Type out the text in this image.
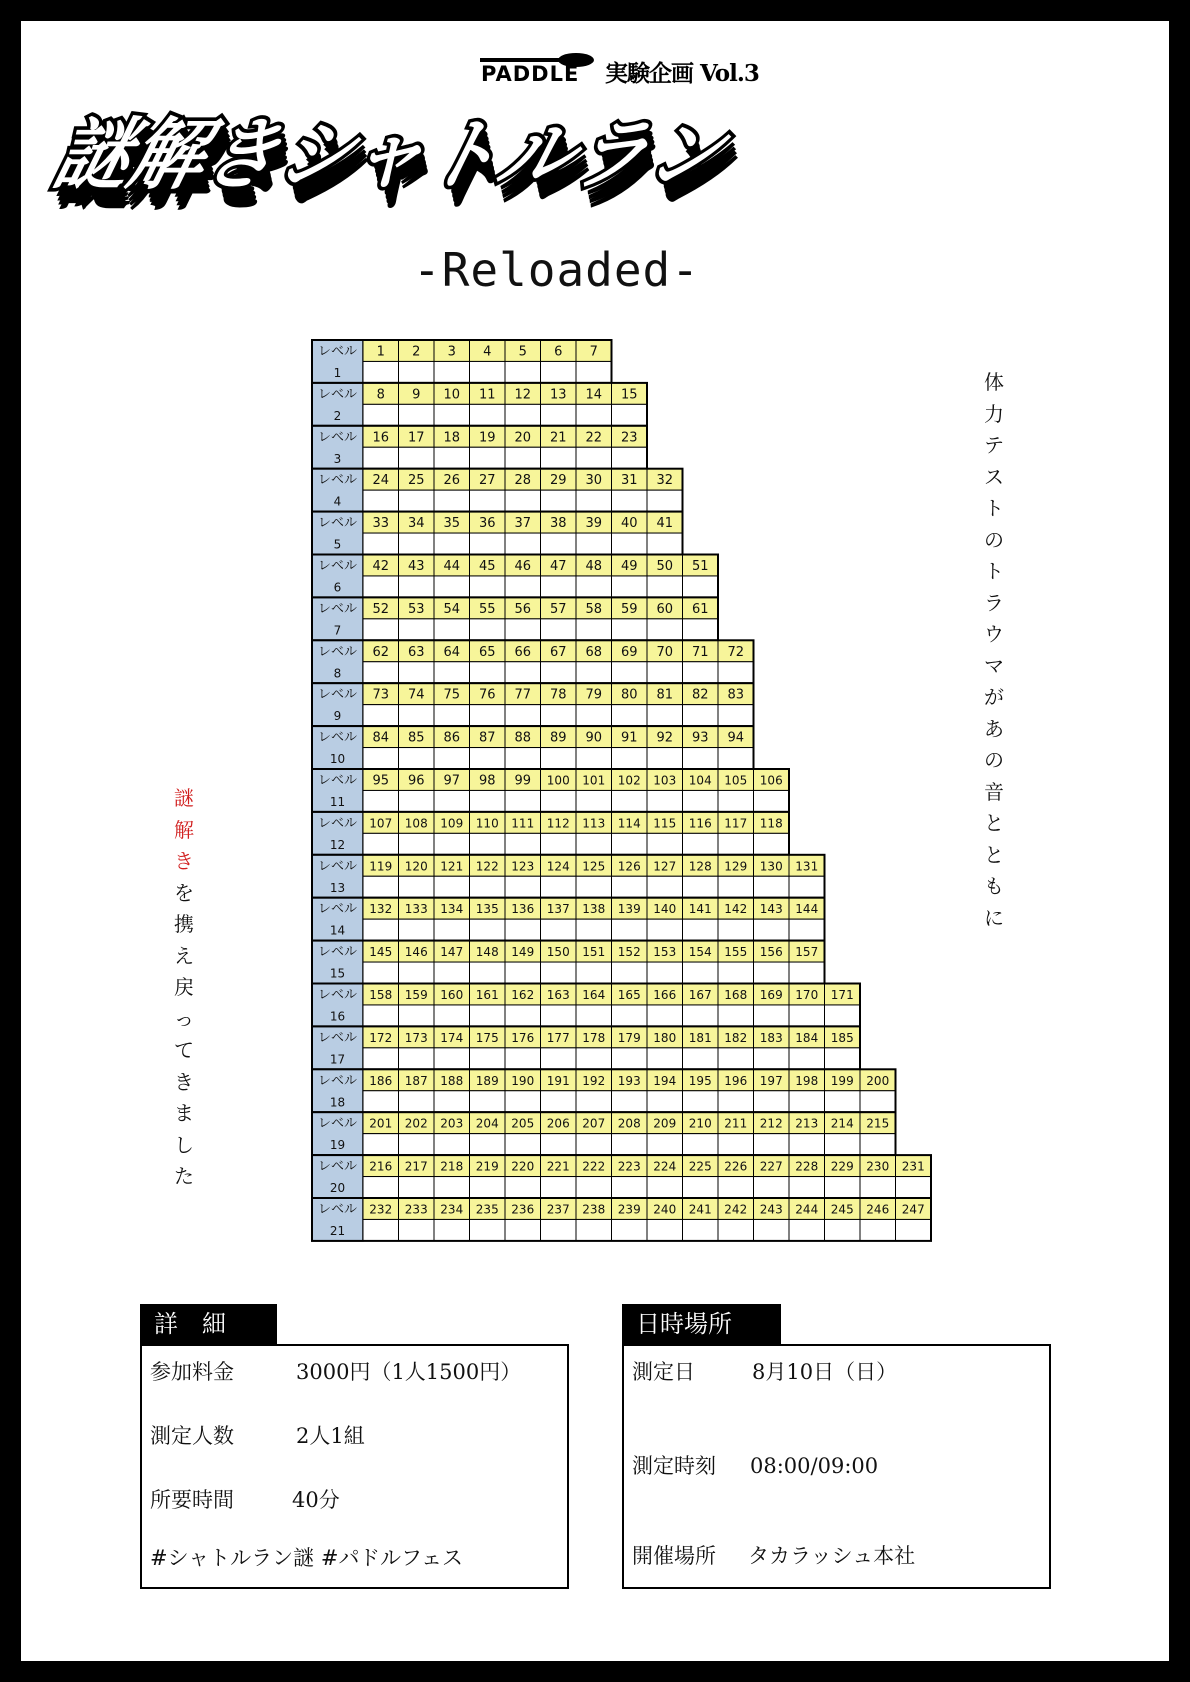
PADDLE 実験企画 Vol.3
謎解きシャトルラン
-Reloaded-
レベル
1
1 2 3 4 5 6 7
レベル
2
8 9 10 11 12 13 14 15
レベル
3
16 17 18 19 20 21 22 23
レベル
4
24 25 26 27 28 29 30 31 32
レベル
5
33 34 35 36 37 38 39 40 41
レベル
6
42 43 44 45 46 47 48 49 50 51
レベル
7
52 53 54 55 56 57 58 59 60 61
レベル
8
62 63 64 65 66 67 68 69 70 71 72
レベル
9
73 74 75 76 77 78 79 80 81 82 83
レベル
10
84 85 86 87 88 89 90 91 92 93 94
レベル
11
95 96 97 98 99 100 101 102 103 104 105 106
レベル
12
107 108 109 110 111 112 113 114 115 116 117 118
レベル
13
119 120 121 122 123 124 125 126 127 128 129 130 131
レベル
14
132 133 134 135 136 137 138 139 140 141 142 143 144
レベル
15
145 146 147 148 149 150 151 152 153 154 155 156 157
レベル
16
158 159 160 161 162 163 164 165 166 167 168 169 170 171
レベル
17
172 173 174 175 176 177 178 179 180 181 182 183 184 185
レベル
18
186 187 188 189 190 191 192 193 194 195 196 197 198 199 200
レベル
19
201 202 203 204 205 206 207 208 209 210 211 212 213 214 215
レベル
20
216 217 218 219 220 221 222 223 224 225 226 227 228 229 230 231
レベル
21
232 233 234 235 236 237 238 239 240 241 242 243 244 245 246 247
謎
解
き
を
携
え
戻
っ
て
き
ま
し
た
体
力
テ
ス
ト
の
ト
ラ
ウ
マ
が
あ
の
音
と
と
も
に
詳　細
参加料金	3000円（1人1500円）
測定人数	2人1組
所要時間	40分
#シャトルラン謎 #パドルフェス
日時場所
測定日	8月10日（日）
測定時刻 08:00/09:00
開催場所 タカラッシュ本社
